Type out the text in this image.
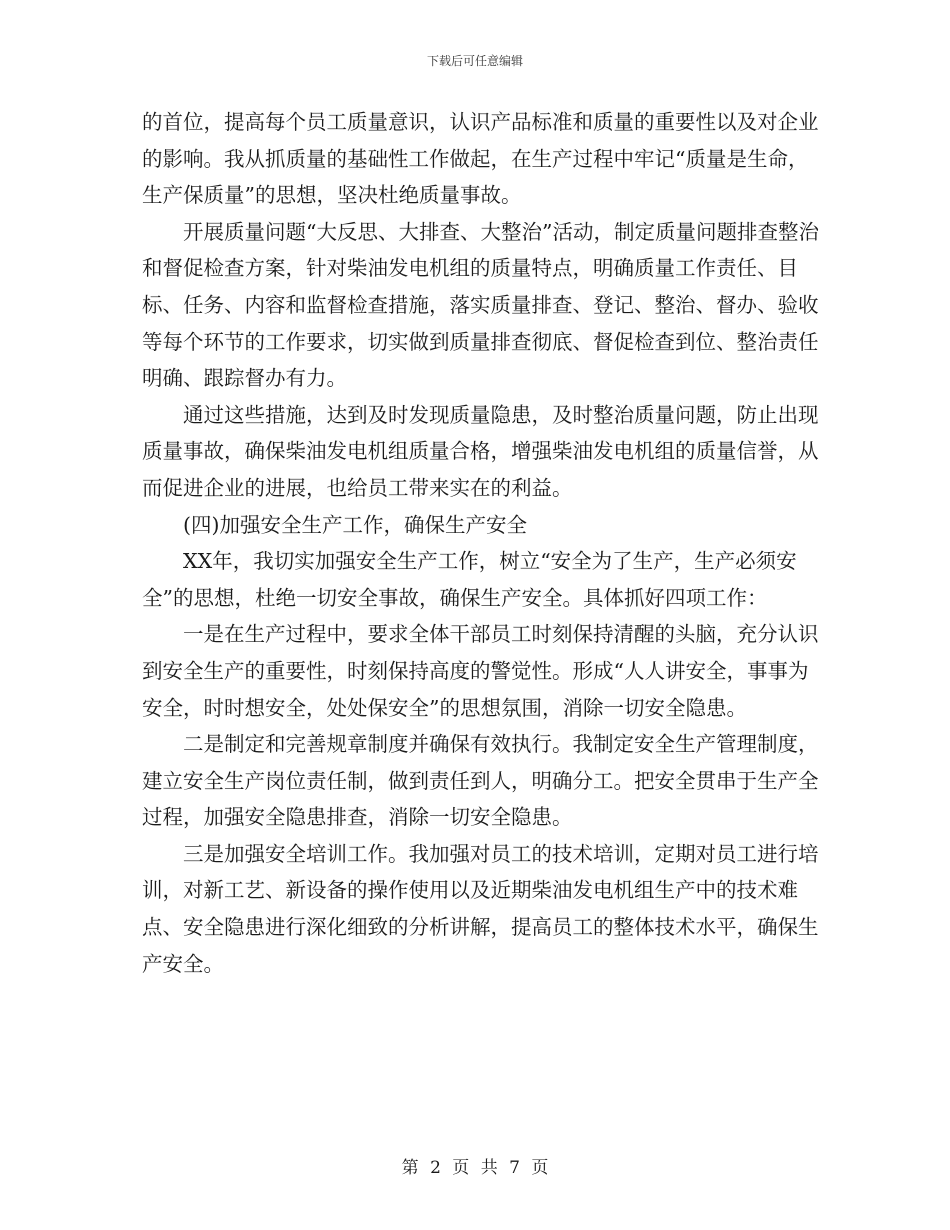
下载后可任意编辑

的首位，提高每个员工质量意识，认识产品标准和质量的重要性以及对企业的影响。我从抓质量的基础性工作做起，在生产过程中牢记“质量是生命，生产保质量”的思想，坚决杜绝质量事故。

开展质量问题“大反思、大排查、大整治”活动，制定质量问题排查整治和督促检查方案，针对柴油发电机组的质量特点，明确质量工作责任、目标、任务、内容和监督检查措施，落实质量排查、登记、整治、督办、验收等每个环节的工作要求，切实做到质量排查彻底、督促检查到位、整治责任明确、跟踪督办有力。

通过这些措施，达到及时发现质量隐患，及时整治质量问题，防止出现质量事故，确保柴油发电机组质量合格，增强柴油发电机组的质量信誉，从而促进企业的进展，也给员工带来实在的利益。

(四)加强安全生产工作，确保生产安全

XX年，我切实加强安全生产工作，树立“安全为了生产，生产必须安全”的思想，杜绝一切安全事故，确保生产安全。具体抓好四项工作：

一是在生产过程中，要求全体干部员工时刻保持清醒的头脑，充分认识到安全生产的重要性，时刻保持高度的警觉性。形成“人人讲安全，事事为安全，时时想安全，处处保安全”的思想氛围，消除一切安全隐患。

二是制定和完善规章制度并确保有效执行。我制定安全生产管理制度，建立安全生产岗位责任制，做到责任到人，明确分工。把安全贯串于生产全过程，加强安全隐患排查，消除一切安全隐患。

三是加强安全培训工作。我加强对员工的技术培训，定期对员工进行培训，对新工艺、新设备的操作使用以及近期柴油发电机组生产中的技术难点、安全隐患进行深化细致的分析讲解，提高员工的整体技术水平，确保生产安全。

第 2 页 共 7 页
